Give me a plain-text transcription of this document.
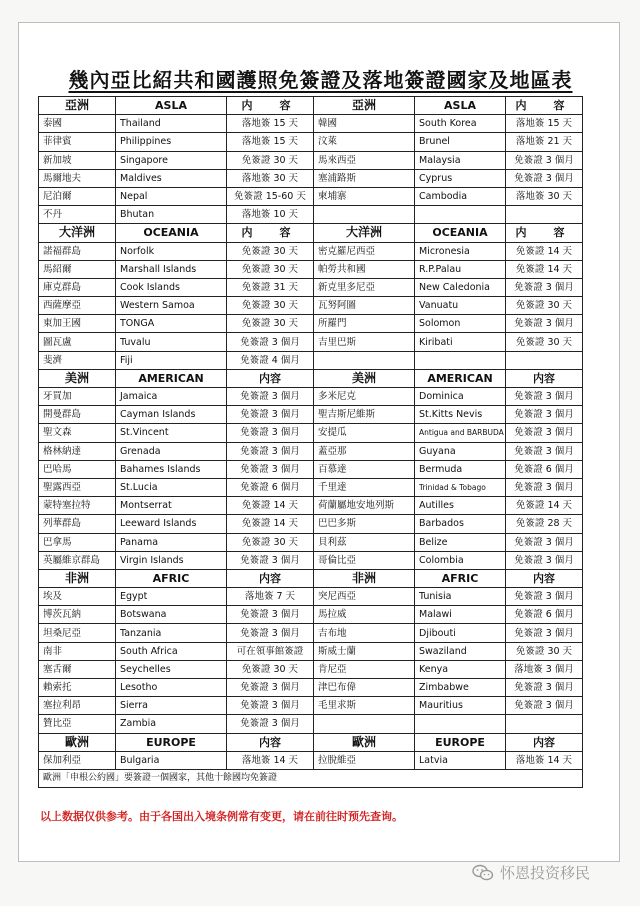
幾內亞比紹共和國護照免簽證及落地簽證國家及地區表
亞洲	ASLA	内　容	亞洲	ASLA	内　容
泰國	Thailand	落地簽 15 天	韓國	South Korea	落地簽 15 天
菲律賓	Philippines	落地簽 15 天	汶萊	Brunel	落地簽 21 天
新加坡	Singapore	免簽證 30 天	馬來西亞	Malaysia	免簽證 3 個月
馬爾地夫	Maldives	落地簽 30 天	塞浦路斯	Cyprus	免簽證 3 個月
尼泊爾	Nepal	免簽證 15-60 天	柬埔寨	Cambodia	落地簽 30 天
不丹	Bhutan	落地簽 10 天			
大洋洲	OCEANIA	内　容	大洋洲	OCEANIA	内　容
諾福群島	Norfolk	免簽證 30 天	密克羅尼西亞	Micronesia	免簽證 14 天
馬紹爾	Marshall Islands	免簽證 30 天	帕勞共和國	R.P.Palau	免簽證 14 天
庫克群島	Cook Islands	免簽證 31 天	新克里多尼亞	New Caledonia	免簽證 3 個月
西薩摩亞	Western Samoa	免簽證 30 天	瓦努阿圖	Vanuatu	免簽證 30 天
東加王國	TONGA	免簽證 30 天	所羅門	Solomon	免簽證 3 個月
圖瓦盧	Tuvalu	免簽證 3 個月	吉里巴斯	Kiribati	免簽證 30 天
斐濟	Fiji	免簽證 4 個月			
美洲	AMERICAN	内容	美洲	AMERICAN	内容
牙買加	Jamaica	免簽證 3 個月	多米尼克	Dominica	免簽證 3 個月
開曼群島	Cayman Islands	免簽證 3 個月	聖吉斯尼維斯	St.Kitts Nevis	免簽證 3 個月
聖文森	St.Vincent	免簽證 3 個月	安提瓜	Antigua and BARBUDA	免簽證 3 個月
格林納達	Grenada	免簽證 3 個月	蓋亞那	Guyana	免簽證 3 個月
巴哈馬	Bahames Islands	免簽證 3 個月	百慕達	Bermuda	免簽證 6 個月
聖露西亞	St.Lucia	免簽證 6 個月	千里達	Trinidad & Tobago	免簽證 3 個月
蒙特塞拉特	Montserrat	免簽證 14 天	荷蘭屬地安地列斯	Autilles	免簽證 14 天
列華群島	Leeward Islands	免簽證 14 天	巴巴多斯	Barbados	免簽證 28 天
巴拿馬	Panama	免簽證 30 天	貝利茲	Belize	免簽證 3 個月
英屬維京群島	Virgin Islands	免簽證 3 個月	哥倫比亞	Colombia	免簽證 3 個月
非洲	AFRIC	内容	非洲	AFRIC	内容
埃及	Egypt	落地簽 7 天	突尼西亞	Tunisia	免簽證 3 個月
博茨瓦納	Botswana	免簽證 3 個月	馬拉威	Malawi	免簽證 6 個月
坦桑尼亞	Tanzania	免簽證 3 個月	吉布地	Djibouti	免簽證 3 個月
南非	South Africa	可在領事館簽證	斯威士蘭	Swaziland	免簽證 30 天
塞舌爾	Seychelles	免簽證 30 天	肯尼亞	Kenya	落地簽 3 個月
賴索托	Lesotho	免簽證 3 個月	津巴布偉	Zimbabwe	免簽證 3 個月
塞拉利昂	Sierra	免簽證 3 個月	毛里求斯	Mauritius	免簽證 3 個月
贊比亞	Zambia	免簽證 3 個月			
歐洲	EUROPE	内容	歐洲	EUROPE	内容
保加利亞	Bulgaria	落地簽 14 天	拉脫維亞	Latvia	落地簽 14 天
歐洲「申根公約國」要簽證一個國家，其他十餘國均免簽證					
以上数据仅供参考。由于各国出入境条例常有变更，请在前往时预先查询。
怀恩投资移民
